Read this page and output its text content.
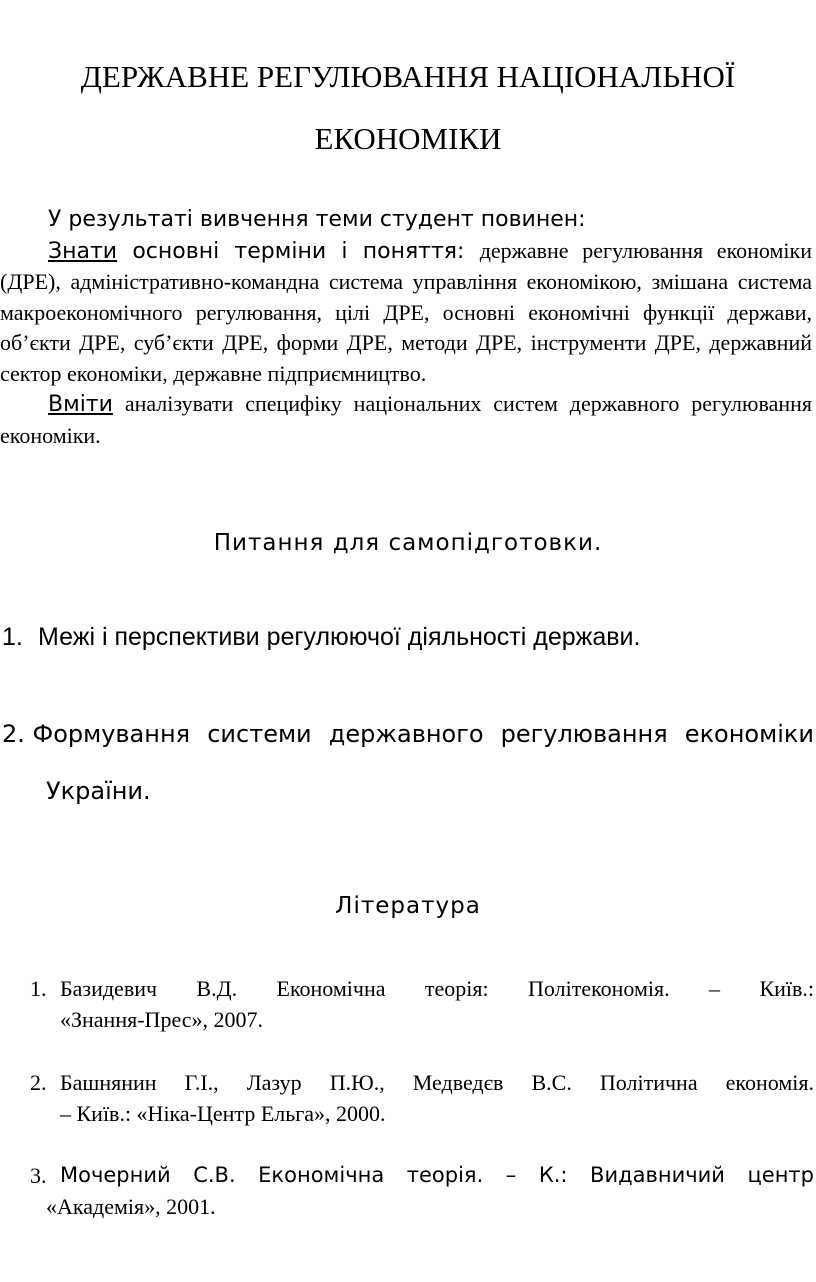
ДЕРЖАВНЕ РЕГУЛЮВАННЯ НАЦІОНАЛЬНОЇ
ЕКОНОМІКИ

У результаті вивчення теми студент повинен:

Знати основні терміни і поняття: державне регулювання економіки (ДРЕ), адміністративно-командна система управління економікою, змішана система макроекономічного регулювання, цілі ДРЕ, основні економічні функції держави, об’єкти ДРЕ, суб’єкти ДРЕ, форми ДРЕ, методи ДРЕ, інструменти ДРЕ, державний сектор економіки, державне підприємництво.

Вміти аналізувати специфіку національних систем державного регулювання економіки.

Питання для самопідготовки.
1. Межі і перспективи регулюючої діяльності держави.
2. Формування системи державного регулювання економіки
України.
Література
1. Базидевич В.Д. Економічна теорія: Політекономія. – Київ.:
«Знання-Прес», 2007.
2. Башнянин Г.І., Лазур П.Ю., Медведєв В.С. Політична економія.
– Київ.: «Ніка-Центр Ельга», 2000.
3. Мочерний С.В. Економічна теорія. – К.: Видавничий центр
«Академія», 2001.
